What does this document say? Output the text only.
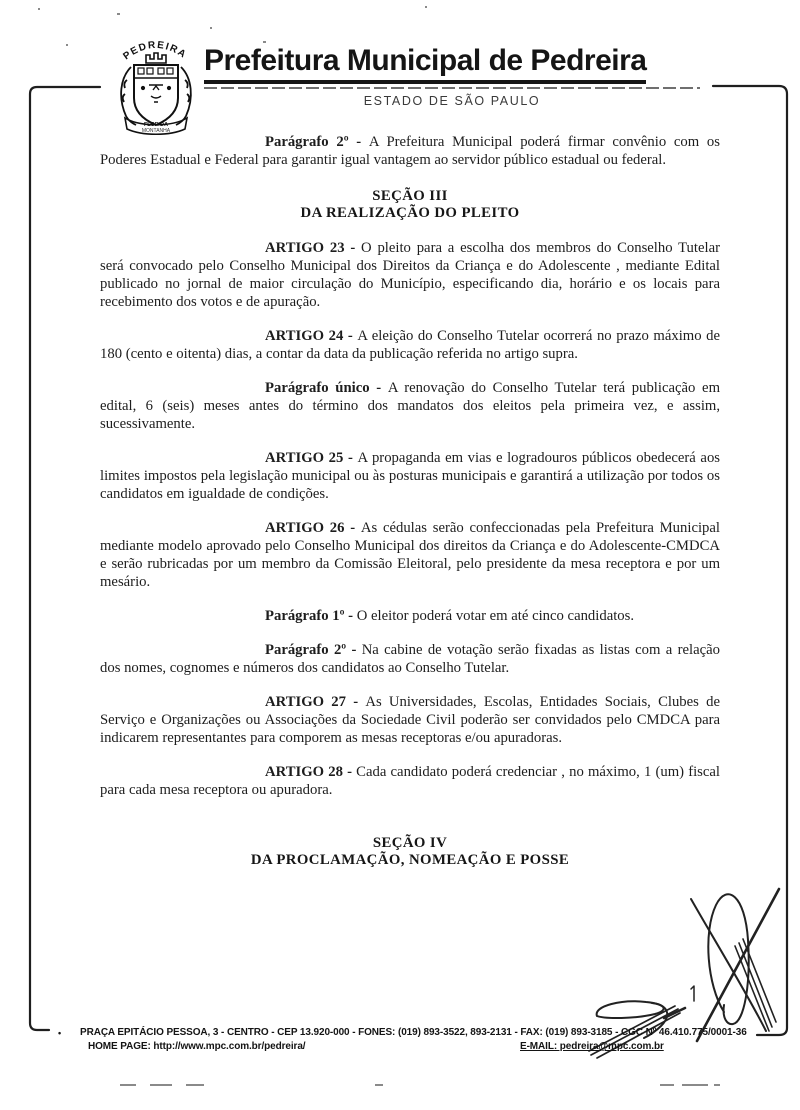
PEDREIRA
FLOR DA
MONTANHA
Prefeitura Municipal de Pedreira
ESTADO DE SÃO PAULO

Parágrafo 2º - A Prefeitura Municipal poderá firmar convênio com os Poderes Estadual e Federal para garantir igual vantagem ao servidor público estadual ou federal.

SEÇÃO III
DA REALIZAÇÃO DO PLEITO

ARTIGO 23 - O pleito para a escolha dos membros do Conselho Tutelar será convocado pelo Conselho Municipal dos Direitos da Criança e do Adolescente , mediante Edital publicado no jornal de maior circulação do Município, especificando dia, horário e os locais para recebimento dos votos e de apuração.

ARTIGO 24 - A eleição do Conselho Tutelar ocorrerá no prazo máximo de 180 (cento e oitenta) dias, a contar da data da publicação referida no artigo supra.

Parágrafo único - A renovação do Conselho Tutelar terá publicação em edital, 6 (seis) meses antes do término dos mandatos dos eleitos pela primeira vez, e assim, sucessivamente.

ARTIGO 25 - A propaganda em vias e logradouros públicos obedecerá aos limites impostos pela legislação municipal ou às posturas municipais e garantirá a utilização por todos os candidatos em igualdade de condições.

ARTIGO 26 - As cédulas serão confeccionadas pela Prefeitura Municipal mediante modelo aprovado pelo Conselho Municipal dos direitos da Criança e do Adolescente-CMDCA e serão rubricadas por um membro da Comissão Eleitoral, pelo presidente da mesa receptora e por um mesário.

Parágrafo 1º - O eleitor poderá votar em até cinco candidatos.

Parágrafo 2º - Na cabine de votação serão fixadas as listas com a relação dos nomes, cognomes e números dos candidatos ao Conselho Tutelar.

ARTIGO 27 - As Universidades, Escolas, Entidades Sociais, Clubes de Serviço e Organizações ou Associações da Sociedade Civil poderão ser convidados pelo CMDCA para indicarem representantes para comporem as mesas receptoras e/ou apuradoras.

ARTIGO 28 - Cada candidato poderá credenciar , no máximo, 1 (um) fiscal para cada mesa receptora ou apuradora.

SEÇÃO IV
DA PROCLAMAÇÃO, NOMEAÇÃO E POSSE
•	PRAÇA EPITÁCIO PESSOA, 3 - CENTRO - CEP 13.920-000 - FONES: (019) 893-3522, 893-2131 - FAX: (019) 893-3185 - CGC Nº 46.410.775/0001-36
HOME PAGE: http://www.mpc.com.br/pedreira/	E-MAIL: pedreira@mpc.com.br
